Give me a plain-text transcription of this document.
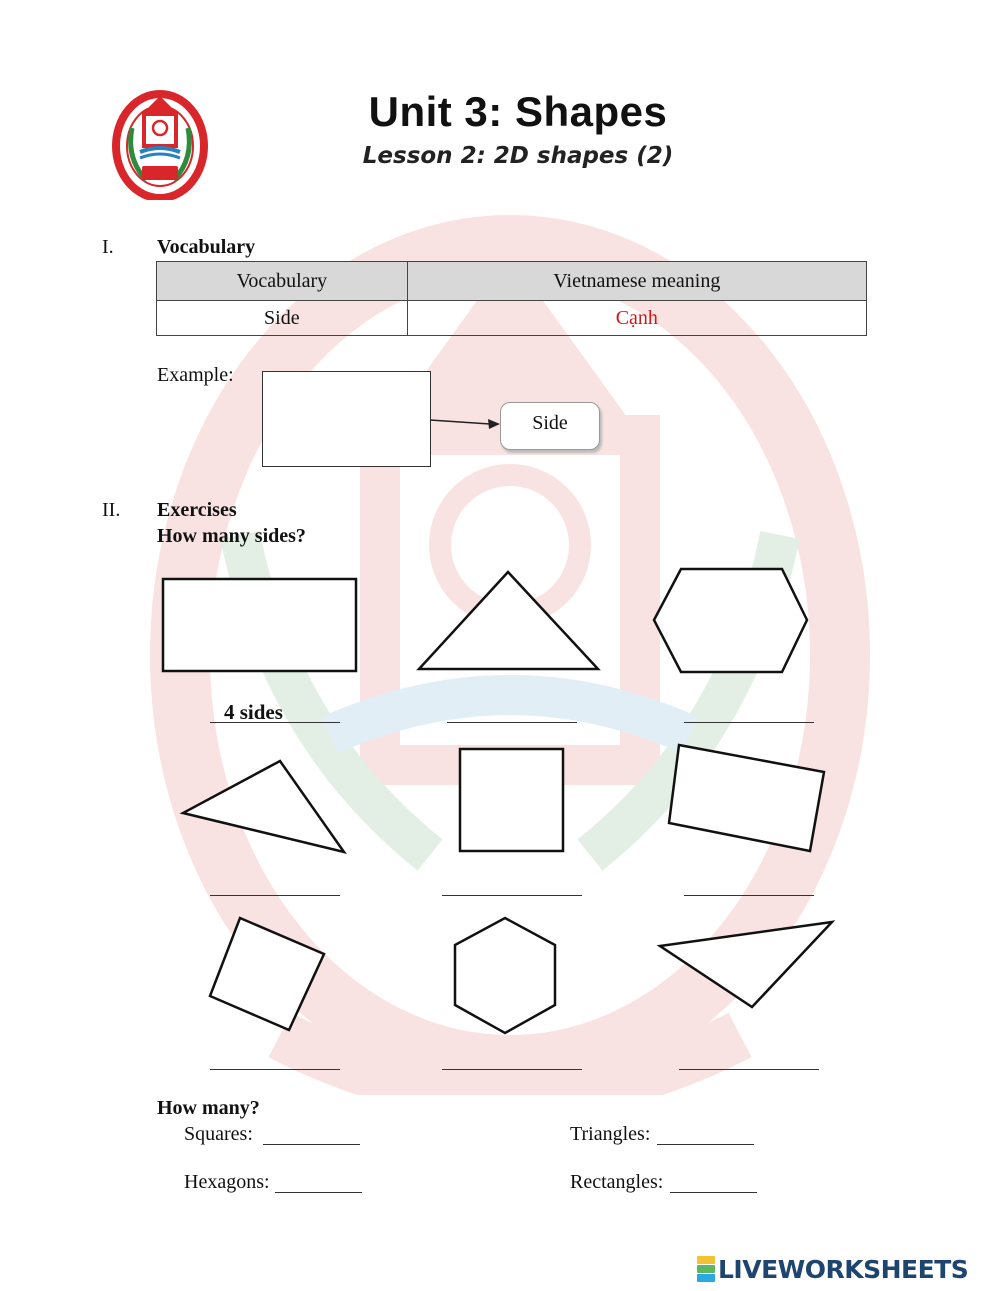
Unit 3: Shapes
Lesson 2: 2D shapes (2)
I. Vocabulary
Vocabulary	Vietnamese meaning
Side	Cạnh
Example:
Side
II. Exercises
How many sides?
4 sides
How many?
Squares:	Triangles:
Hexagons:	Rectangles:
LIVEWORKSHEETS
